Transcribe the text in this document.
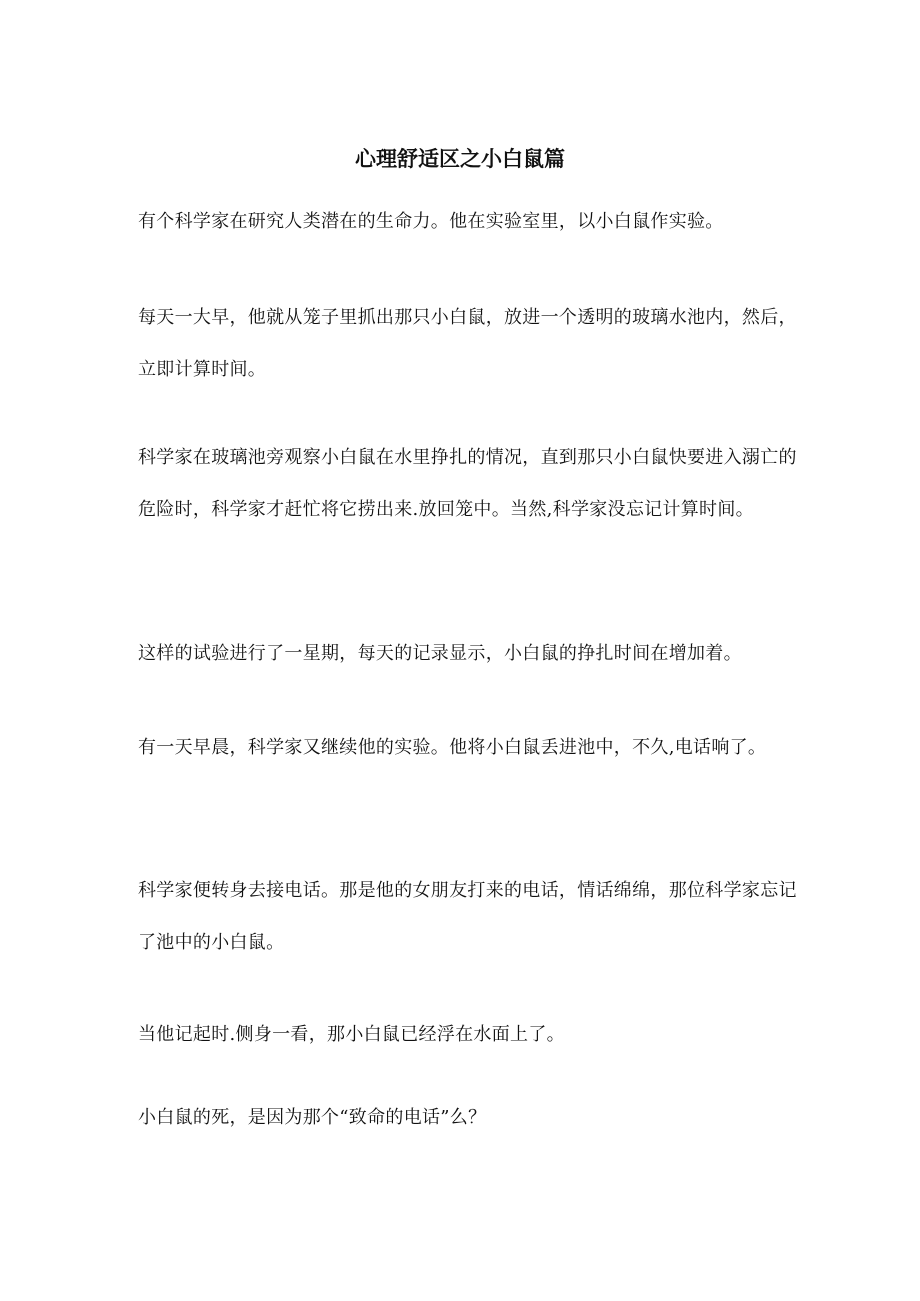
心理舒适区之小白鼠篇

有个科学家在研究人类潜在的生命力。他在实验室里，以小白鼠作实验。

每天一大早，他就从笼子里抓出那只小白鼠，放进一个透明的玻璃水池内，然后，立即计算时间。

科学家在玻璃池旁观察小白鼠在水里挣扎的情况，直到那只小白鼠快要进入溺亡的危险时，科学家才赶忙将它捞出来.放回笼中。当然,科学家没忘记计算时间。

这样的试验进行了一星期，每天的记录显示，小白鼠的挣扎时间在增加着。

有一天早晨，科学家又继续他的实验。他将小白鼠丢进池中，不久,电话响了。

科学家便转身去接电话。那是他的女朋友打来的电话，情话绵绵，那位科学家忘记了池中的小白鼠。

当他记起时.侧身一看，那小白鼠已经浮在水面上了。

小白鼠的死，是因为那个“致命的电话”么？
